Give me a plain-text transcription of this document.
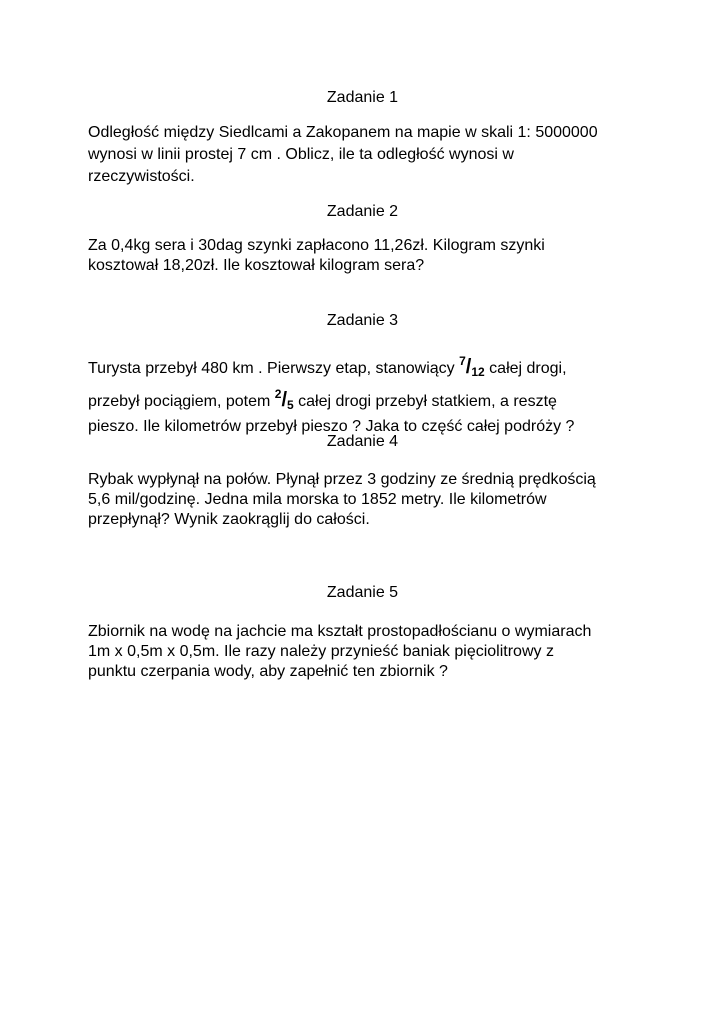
Zadanie 1
Odległość między Siedlcami a Zakopanem na mapie w skali 1: 5000000
wynosi w linii prostej 7 cm . Oblicz, ile ta odległość wynosi w
rzeczywistości.
Zadanie 2
Za 0,4kg sera i 30dag szynki zapłacono 11,26zł. Kilogram szynki
kosztował 18,20zł. Ile kosztował kilogram sera?
Zadanie 3
Turysta przebył 480 km . Pierwszy etap, stanowiący $^7$/12 całej drogi,
przebył pociągiem, potem $^2$/5 całej drogi przebył statkiem, a resztę
pieszo. Ile kilometrów przebył pieszo ? Jaka to część całej podróży ?
Zadanie 4
Rybak wypłynął na połów. Płynął przez 3 godziny ze średnią prędkością
5,6 mil/godzinę. Jedna mila morska to 1852 metry. Ile kilometrów
przepłynął? Wynik zaokrąglij do całości.
Zadanie 5
Zbiornik na wodę na jachcie ma kształt prostopadłościanu o wymiarach
1m x 0,5m x 0,5m. Ile razy należy przynieść baniak pięciolitrowy z
punktu czerpania wody, aby zapełnić ten zbiornik ?
